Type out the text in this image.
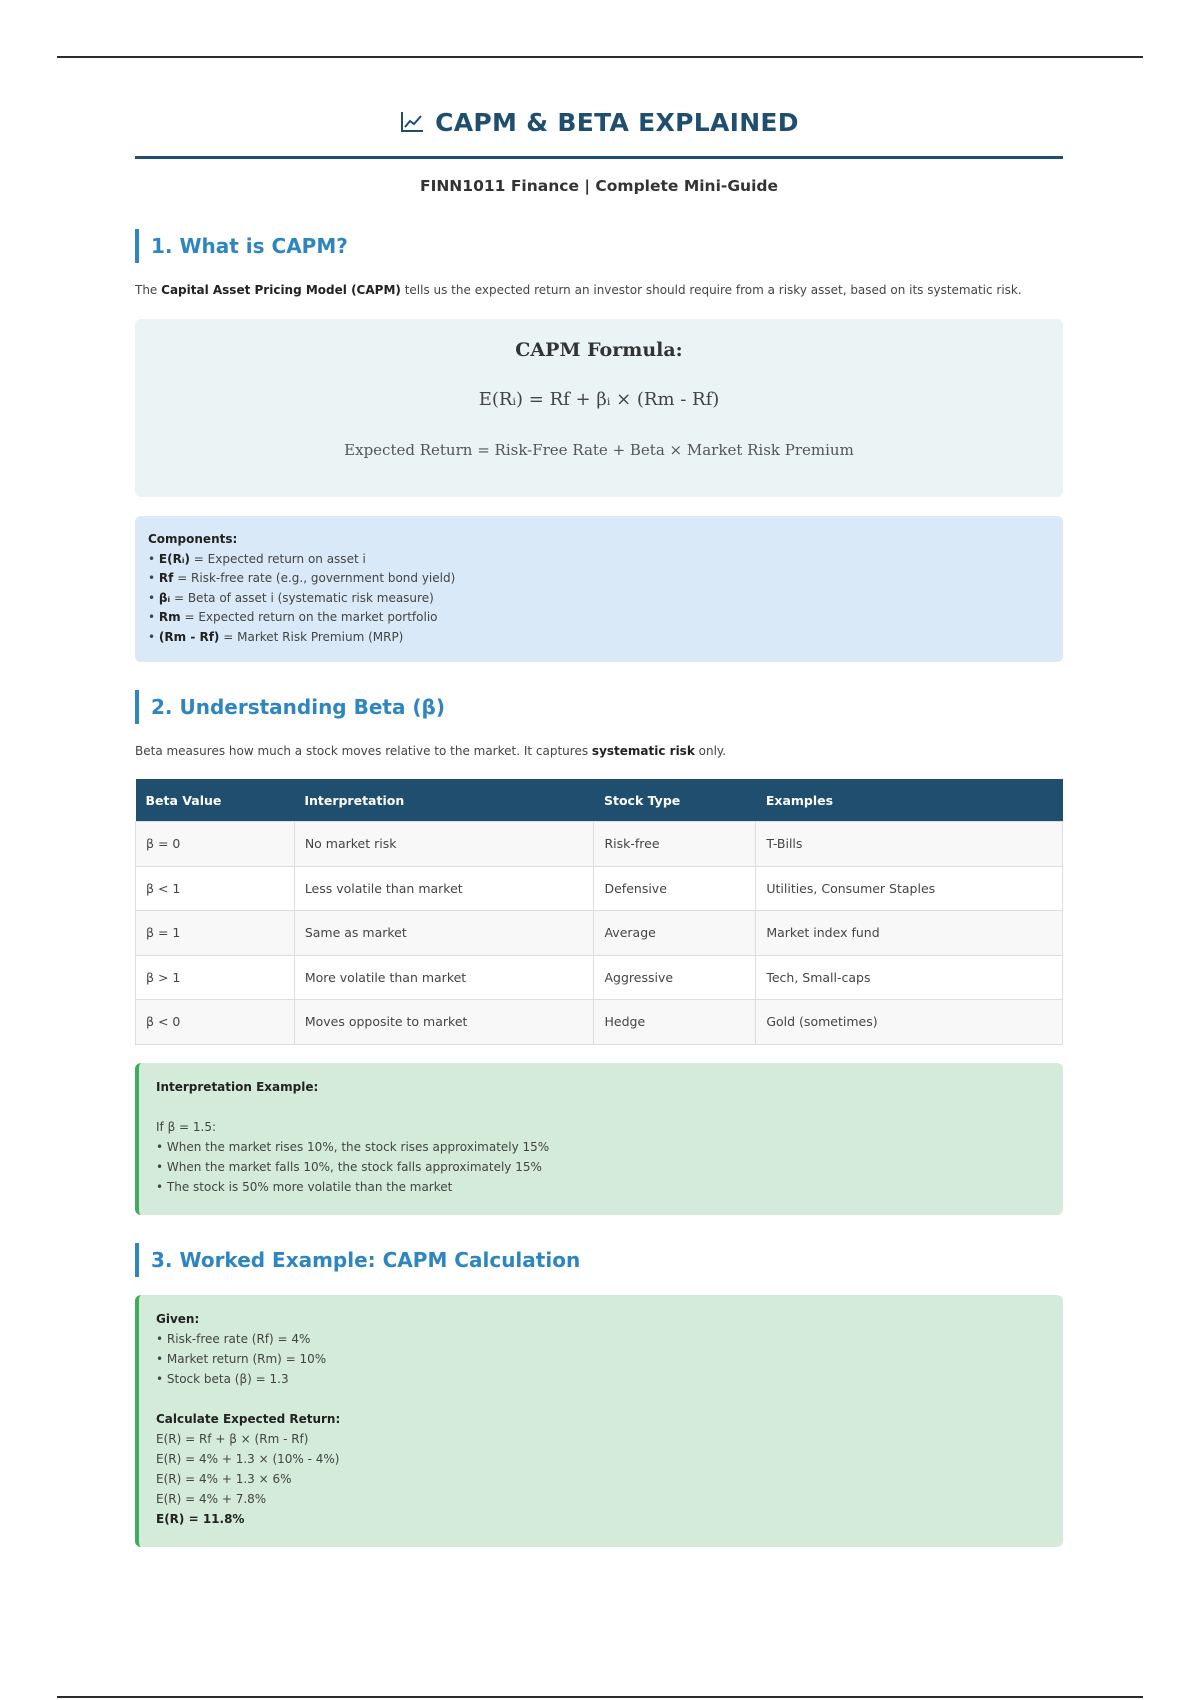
CAPM & BETA EXPLAINED
FINN1011 Finance | Complete Mini-Guide
1. What is CAPM?
The Capital Asset Pricing Model (CAPM) tells us the expected return an investor should require from a risky asset, based on its systematic risk.
CAPM Formula:
E(Rᵢ) = Rf + βᵢ × (Rm - Rf)
Expected Return = Risk-Free Rate + Beta × Market Risk Premium
Components:
• E(Rᵢ) = Expected return on asset i
• Rf = Risk-free rate (e.g., government bond yield)
• βᵢ = Beta of asset i (systematic risk measure)
• Rm = Expected return on the market portfolio
• (Rm - Rf) = Market Risk Premium (MRP)
2. Understanding Beta (β)
Beta measures how much a stock moves relative to the market. It captures systematic risk only.
Beta Value	Interpretation	Stock Type	Examples
β = 0	No market risk	Risk-free	T-Bills
β < 1	Less volatile than market	Defensive	Utilities, Consumer Staples
β = 1	Same as market	Average	Market index fund
β > 1	More volatile than market	Aggressive	Tech, Small-caps
β < 0	Moves opposite to market	Hedge	Gold (sometimes)
Interpretation Example:
If β = 1.5:
• When the market rises 10%, the stock rises approximately 15%
• When the market falls 10%, the stock falls approximately 15%
• The stock is 50% more volatile than the market
3. Worked Example: CAPM Calculation
Given:
• Risk-free rate (Rf) = 4%
• Market return (Rm) = 10%
• Stock beta (β) = 1.3
Calculate Expected Return:
E(R) = Rf + β × (Rm - Rf)
E(R) = 4% + 1.3 × (10% - 4%)
E(R) = 4% + 1.3 × 6%
E(R) = 4% + 7.8%
E(R) = 11.8%
